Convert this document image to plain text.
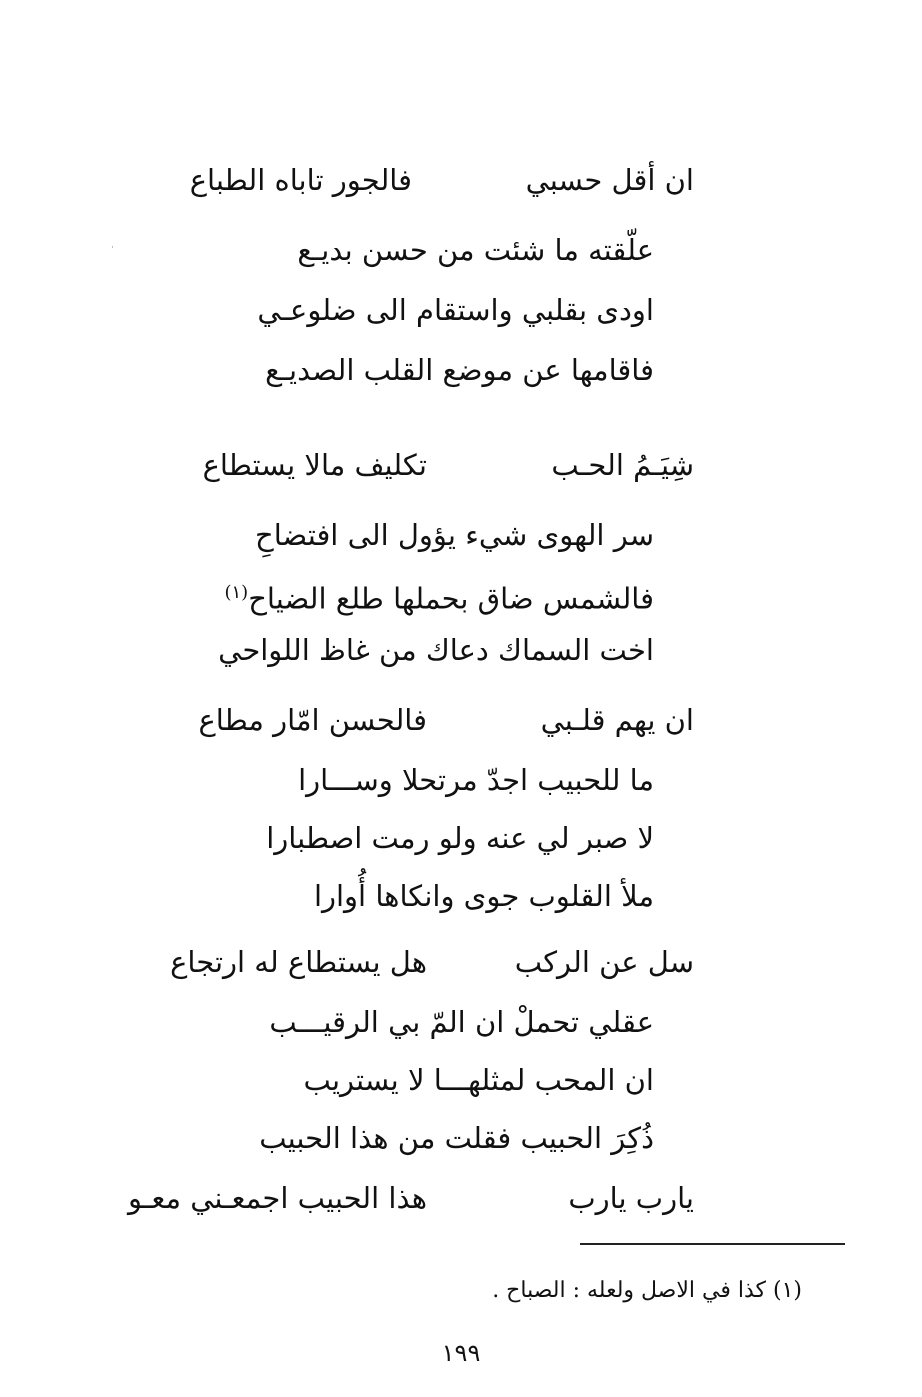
ان أقل حسبي
فالجور تاباه الطباع
علّقته ما شئت من حسن بديـع
اودى بقلبي واستقام الى ضلوعـي
فاقامها عن موضع القلب الصديـع
شِيَـمُ الحـب
تكليف مالا يستطاع
سر الهوى شيء يؤول الى افتضاحِ
فالشمس ضاق بحملها طلع الضياح$^{(١)}$
اخت السماك دعاك من غاظ اللواحي
ان يهم قلـبي
فالحسن امّار مطاع
ما للحبيب اجدّ مرتحلا وســـارا
لا صبر لي عنه ولو رمت اصطبارا
ملأ القلوب جوى وانكاها أُوارا
سل عن الركب
هل يستطاع له ارتجاع
عقلي تحملْ ان المّ بي الرقيـــب
ان المحب لمثلهـــا لا يستريب
ذُكِرَ الحبيب فقلت من هذا الحبيب
يارب يارب
هذا الحبيب اجمعـني معـو
(١) كذا في الاصل ولعله : الصباح .
١٩٩
